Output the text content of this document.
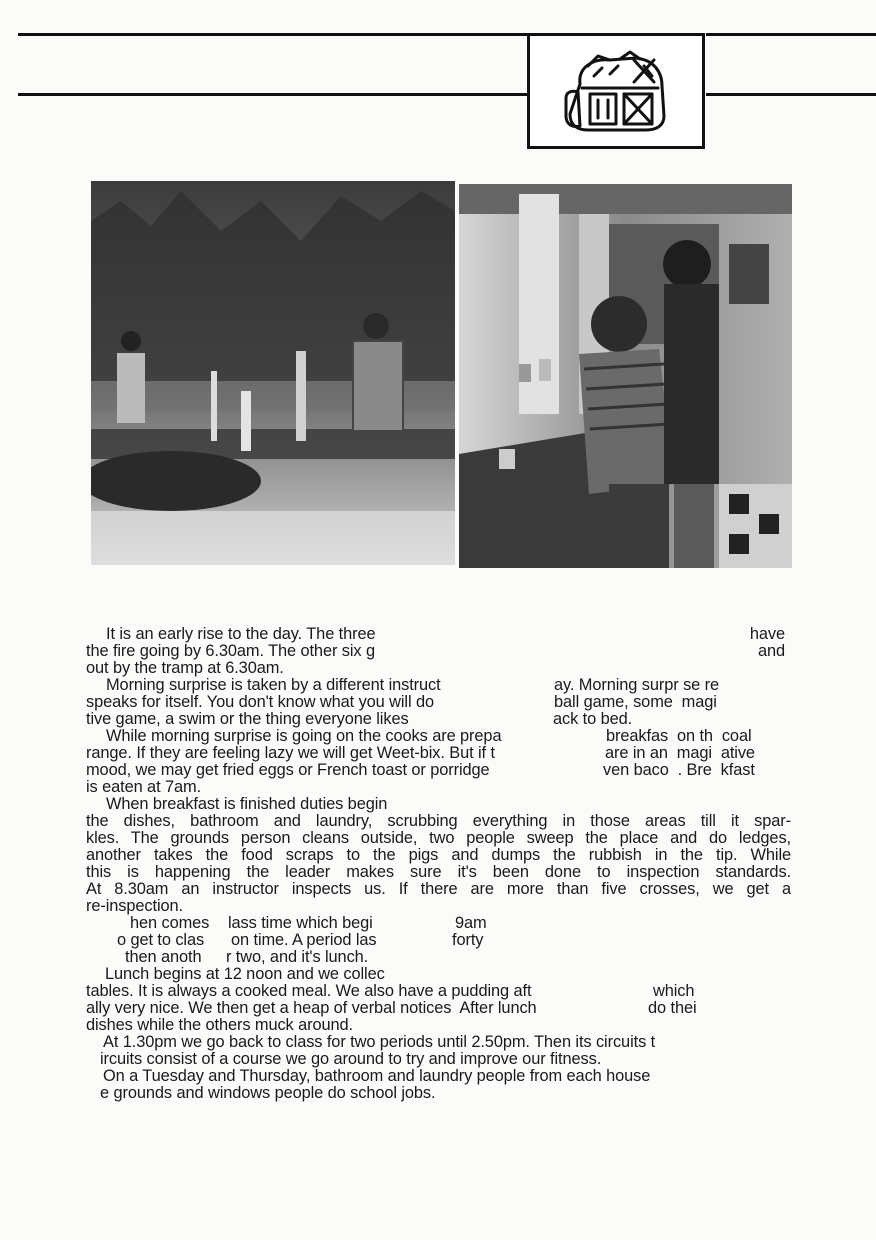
It is an early rise to the day. The three	have
the fire going by 6.30am. The other six g	and
out by the tramp at 6.30am.
Morning surprise is taken by a different instruct	ay. Morning surpr se re
speaks for itself. You don't know what you will do	ball game, some  magi
tive game, a swim or the thing everyone likes	ack to bed.
While morning surprise is going on the cooks are prepa	breakfas  on th  coal
range. If they are feeling lazy we will get Weet-bix. But if t	are in an  magi  ative
mood, we may get fried eggs or French toast or porridge	ven baco  . Bre  kfast
is eaten at 7am.
When breakfast is finished duties begin
the dishes, bathroom and laundry, scrubbing everything in those areas till it spar-
kles. The grounds person cleans outside, two people sweep the place and do ledges,
another takes the food scraps to the pigs and dumps the rubbish in the tip. While
this is happening the leader makes sure it's been done to inspection standards.
At 8.30am an instructor inspects us. If there are more than five crosses, we get a
re-inspection.
hen comes lass time which begi	9am
o get to clas on time. A period las	forty
then anoth r two, and it's lunch.
Lunch begins at 12 noon and we collec
tables. It is always a cooked meal. We also have a pudding aft	which
ally very nice. We then get a heap of verbal notices  After lunch	do thei
dishes while the others muck around.
At 1.30pm we go back to class for two periods until 2.50pm. Then its circuits t
ircuits consist of a course we go around to try and improve our fitness.
On a Tuesday and Thursday, bathroom and laundry people from each house
e grounds and windows people do school jobs.
